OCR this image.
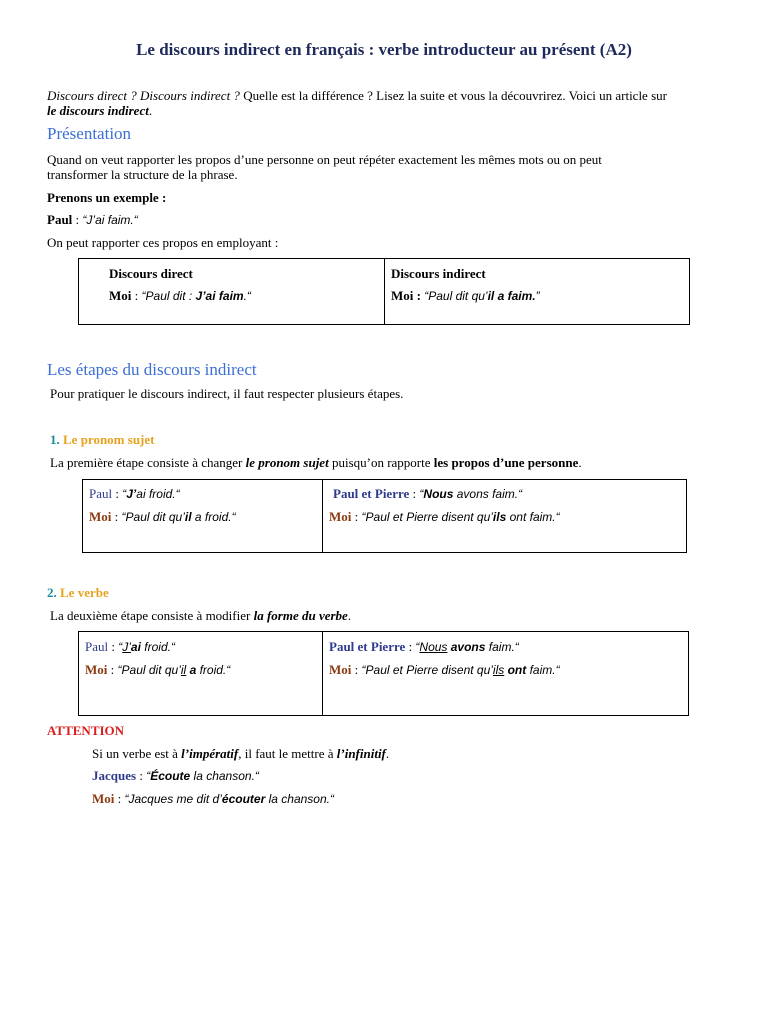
Le discours indirect en français : verbe introducteur au présent (A2)
Discours direct ? Discours indirect ? Quelle est la différence ? Lisez la suite et vous la découvrirez. Voici un article sur
le discours indirect.
Présentation
Quand on veut rapporter les propos d’une personne on peut répéter exactement les mêmes mots ou on peut
transformer la structure de la phrase.
Prenons un exemple :
Paul : “J’ai faim.“
On peut rapporter ces propos en employant :
Discours direct
Moi : “Paul dit : J’ai faim.“

Discours indirect
Moi : “Paul dit qu’il a faim.”
Les étapes du discours indirect
Pour pratiquer le discours indirect, il faut respecter plusieurs étapes.
1. Le pronom sujet
La première étape consiste à changer le pronom sujet puisqu’on rapporte les propos d’une personne.
Paul : “J’ai froid.“
Moi : “Paul dit qu’il a froid.“

Paul et Pierre : “Nous avons faim.“
Moi : “Paul et Pierre disent qu’ils ont faim.“
2. Le verbe
La deuxième étape consiste à modifier la forme du verbe.
Paul : “J’ai froid.“
Moi : “Paul dit qu’il a froid.“

Paul et Pierre : “Nous avons faim.“
Moi : “Paul et Pierre disent qu’ils ont faim.“
ATTENTION
Si un verbe est à l’impératif, il faut le mettre à l’infinitif.
Jacques : “Écoute la chanson.“
Moi : “Jacques me dit d’écouter la chanson.“
